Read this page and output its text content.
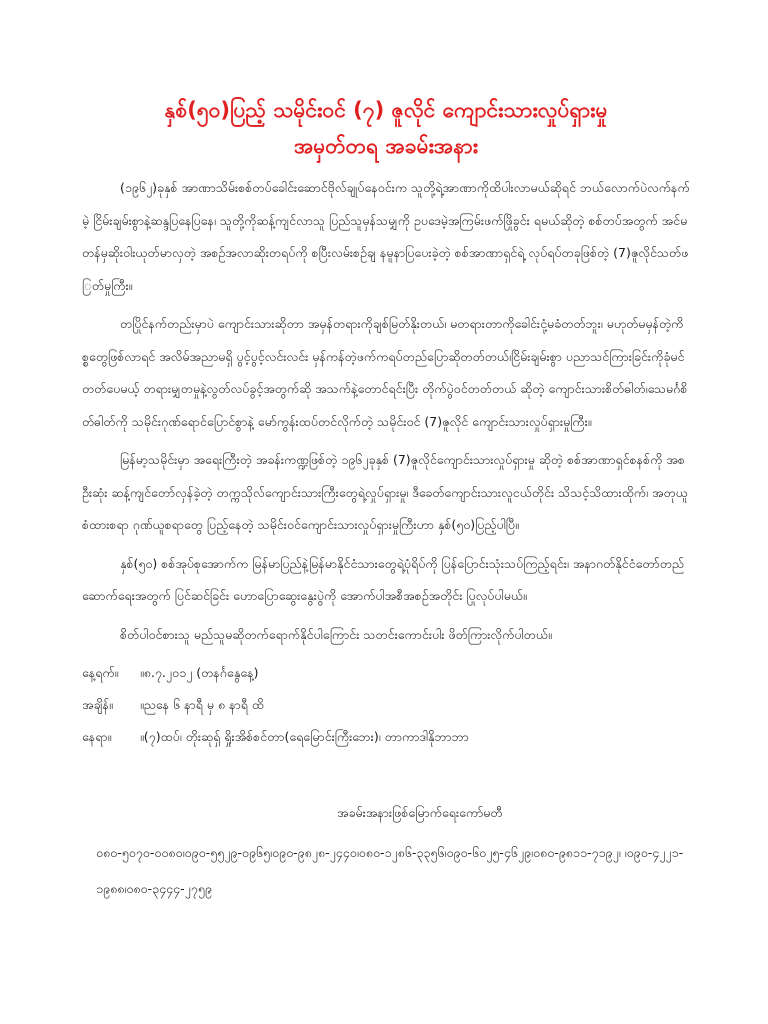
နှစ်(၅၀)ပြည့် သမိုင်းဝင် (၇) ဇူလိုင် ကျောင်းသားလှုပ်ရှားမှု
အမှတ်တရ အခမ်းအနား

(၁၉၆၂)ခုနှစ် အာဏာသိမ်းစစ်တပ်ခေါင်းဆောင်ဗိုလ်ချုပ်နေဝင်းက သူတို့ရဲ့အာဏာကိုထိပါးလာမယ်ဆိုရင် ဘယ်လောက်ပဲလက်နက်မဲ့ ငြိမ်းချမ်းစွာနဲ့ဆန္ဒပြနေပြနေ၊ သူတို့ကိုဆန့်ကျင်လာသူ ပြည်သူမှန်သမျှကို ဥပဒေမဲ့အကြမ်းဖက်ဖြိုခွင်း ရမယ်ဆိုတဲ့ စစ်တပ်အတွက် အင်မတန်မှဆိုးဝါးယုတ်မာလှတဲ့ အစဉ်အလာဆိုးတရပ်ကို စပြီးလမ်းစဉ်ချ နမူနာပြပေးခဲ့တဲ့ စစ်အာဏာရှင်ရဲ့ လုပ်ရပ်တခုဖြစ်တဲ့ (7)ဇူလိုင်သတ်ဖြတ်မှုကြီး။

တပြိုင်နက်တည်းမှာပဲ ကျောင်းသားဆိုတာ အမှန်တရားကိုချစ်မြတ်နိုးတယ်၊ မတရားတာကိုခေါင်းငုံ့မခံတတ်ဘူး၊ မဟုတ်မမှန်တဲ့ကိစ္စတွေဖြစ်လာရင် အလိမ်အညာမရှိ ပွင့်ပွင့်လင်းလင်း မှန်ကန်တဲ့ဖက်ကရပ်တည်ပြောဆိုတတ်တယ်၊ငြိမ်းချမ်းစွာ ပညာသင်ကြားခြင်းကိုခုံမင်တတ်ပေမယ့် တရားမျှတမှုနဲ့လွတ်လပ်ခွင့်အတွက်ဆို အသက်နဲ့တောင်ရင်းပြီး တိုက်ပွဲဝင်တတ်တယ် ဆိုတဲ့ ကျောင်းသားစိတ်ဓါတ်၊သေမင်္ဂစိတ်ဓါတ်ကို သမိုင်းဂုဏ်ရောင်ပြောင်စွာနဲ့ မော်ကွန်းထပ်တင်လိုက်တဲ့ သမိုင်းဝင် (7)ဇူလိုင် ကျောင်းသားလှုပ်ရှားမှုကြီး။

မြန်မာ့သမိုင်းမှာ အရေးကြီးတဲ့ အခန်းကဏ္ဍဖြစ်တဲ့ ၁၉၆၂ခုနှစ် (7)ဇူလိုင်ကျောင်းသားလှုပ်ရှားမှု ဆိုတဲ့ စစ်အာဏာရှင်စနစ်ကို အစဦးဆုံး ဆန့်ကျင်တော်လှန်ခဲ့တဲ့ တက္ကသိုလ်ကျောင်းသားကြီးတွေရဲ့လှုပ်ရှားမှု၊ ဒီခေတ်ကျောင်းသားလူငယ်တိုင်း သိသင့်သိထားထိုက်၊ အတုယူစံထားစရာ ဂုဏ်ယူစရာတွေ ပြည့်နေတဲ့ သမိုင်းဝင်ကျောင်းသားလှုပ်ရှားမှုကြီးဟာ နှစ်(၅၀)ပြည့်ပါပြီ။

နှစ်(၅၀) စစ်အုပ်စုအောက်က မြန်မာပြည်နဲ့မြန်မာနိုင်ငံသားတွေရဲ့ပုံရိပ်ကို ပြန်ပြောင်းသုံးသပ်ကြည့်ရင်း၊ အနာဂတ်နိုင်ငံတော်တည်ဆောက်ရေးအတွက် ပြင်ဆင်ခြင်း ဟောပြောဆွေးနွေးပွဲကို အောက်ပါအစီအစဉ်အတိုင်း ပြုလုပ်ပါမယ်။

စိတ်ပါဝင်စားသူ မည်သူမဆိုတက်ရောက်နိုင်ပါကြောင်း သတင်းကောင်းပါး ဖိတ်ကြားလိုက်ပါတယ်။

နေ့ရက်။	။၈.၇.၂၀၁၂ (တနင်္ဂနွေနေ့)
အချိန်။	။ညနေ ၆ နာရီ မှ ၈ နာရီ ထိ
နေရာ။	။(၇)ထပ်၊ တိုးဆုရှ် ရှိုးအိစ်စင်တာ(ရေမြောင်းကြီးဘေး)၊ တာကာဒါနိုဘာဘာ
အခမ်းအနားဖြစ်မြောက်ရေးကော်မတီ
၀၈၀-၅၀၇၀-၀၀၈၀၊၀၉၀-၅၅၂၉-၀၉၆၅၊၀၉၀-၉၈၂၈-၂၄၄၀၊၀၈၀-၁၂၈၆-၃၃၅၆၊၀၉၀-၆၀၂၅-၄၆၂၉၊၀၈၀-၉၈၁၁-၇၁၉၂၊ ၊၀၉၀-၄၂၂၁-၁၉၈၈၊၀၈၀-၃၄၄၄-၂၇၅၉
